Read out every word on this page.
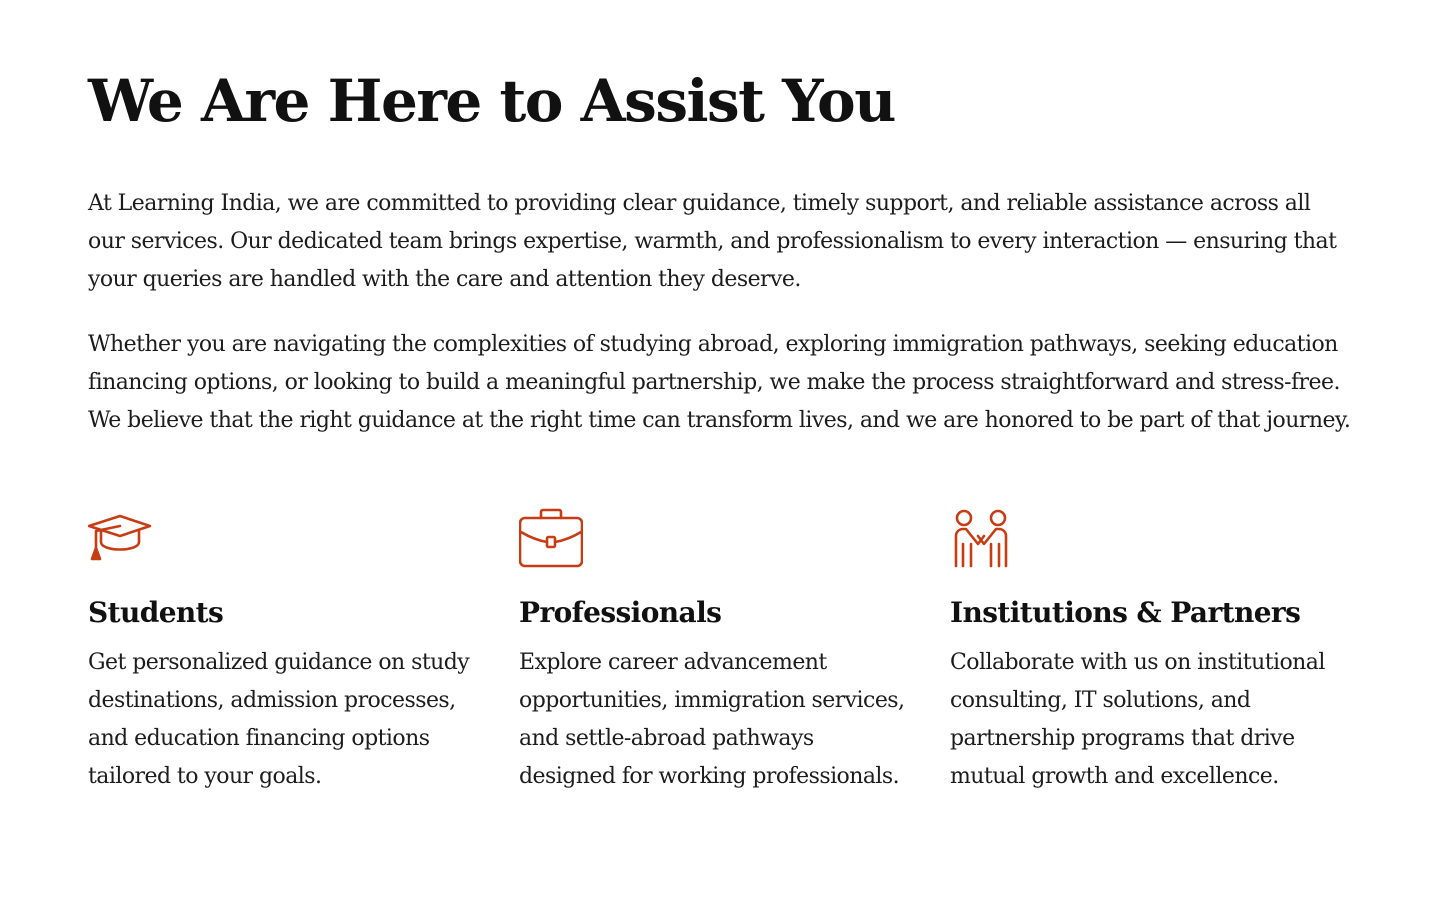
We Are Here to Assist You

At Learning India, we are committed to providing clear guidance, timely support, and reliable assistance across all our services. Our dedicated team brings expertise, warmth, and professionalism to every interaction — ensuring that your queries are handled with the care and attention they deserve.

Whether you are navigating the complexities of studying abroad, exploring immigration pathways, seeking education financing options, or looking to build a meaningful partnership, we make the process straightforward and stress-free. We believe that the right guidance at the right time can transform lives, and we are honored to be part of that journey.

Students

Get personalized guidance on study destinations, admission processes, and education financing options tailored to your goals.

Professionals

Explore career advancement opportunities, immigration services, and settle-abroad pathways designed for working professionals.

Institutions & Partners

Collaborate with us on institutional consulting, IT solutions, and partnership programs that drive mutual growth and excellence.
